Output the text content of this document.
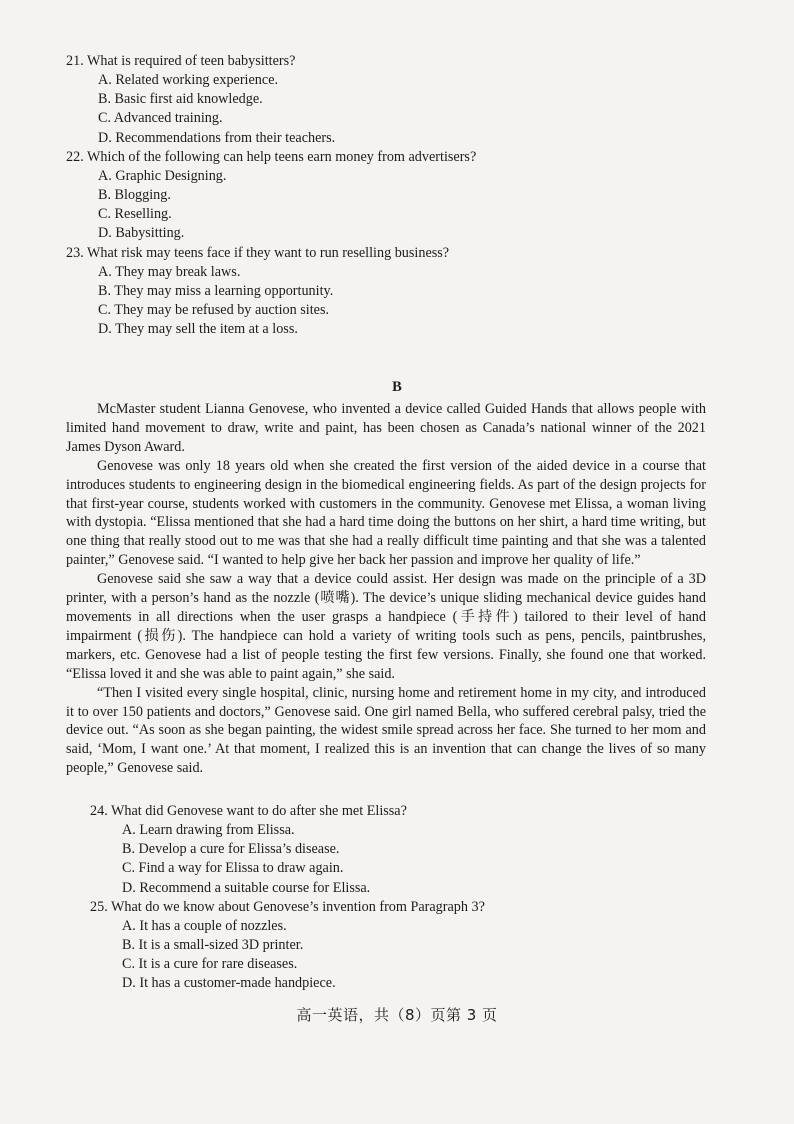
21. What is required of teen babysitters?

A. Related working experience.

B. Basic first aid knowledge.

C. Advanced training.

D. Recommendations from their teachers.

22. Which of the following can help teens earn money from advertisers?

A. Graphic Designing.

B. Blogging.

C. Reselling.

D. Babysitting.

23. What risk may teens face if they want to run reselling business?

A. They may break laws.

B. They may miss a learning opportunity.

C. They may be refused by auction sites.

D. They may sell the item at a loss.

B

McMaster student Lianna Genovese, who invented a device called Guided Hands that allows people with limited hand movement to draw, write and paint, has been chosen as Canada’s national winner of the 2021 James Dyson Award.

Genovese was only 18 years old when she created the first version of the aided device in a course that introduces students to engineering design in the biomedical engineering fields. As part of the design projects for that first-year course, students worked with customers in the community. Genovese met Elissa, a woman living with dystopia. “Elissa mentioned that she had a hard time doing the buttons on her shirt, a hard time writing, but one thing that really stood out to me was that she had a really difficult time painting and that she was a talented painter,” Genovese said. “I wanted to help give her back her passion and improve her quality of life.”

Genovese said she saw a way that a device could assist. Her design was made on the principle of a 3D printer, with a person’s hand as the nozzle (喷嘴). The device’s unique sliding mechanical device guides hand movements in all directions when the user grasps a handpiece (手持件) tailored to their level of hand impairment (损伤). The handpiece can hold a variety of writing tools such as pens, pencils, paintbrushes, markers, etc. Genovese had a list of people testing the first few versions. Finally, she found one that worked. “Elissa loved it and she was able to paint again,” she said.

“Then I visited every single hospital, clinic, nursing home and retirement home in my city, and introduced it to over 150 patients and doctors,” Genovese said. One girl named Bella, who suffered cerebral palsy, tried the device out. “As soon as she began painting, the widest smile spread across her face. She turned to her mom and said, ‘Mom, I want one.’ At that moment, I realized this is an invention that can change the lives of so many people,” Genovese said.

24. What did Genovese want to do after she met Elissa?

A. Learn drawing from Elissa.

B. Develop a cure for Elissa’s disease.

C. Find a way for Elissa to draw again.

D. Recommend a suitable course for Elissa.

25. What do we know about Genovese’s invention from Paragraph 3?

A. It has a couple of nozzles.

B. It is a small-sized 3D printer.

C. It is a cure for rare diseases.

D. It has a customer-made handpiece.

高一英语，共（8）页第 3 页
